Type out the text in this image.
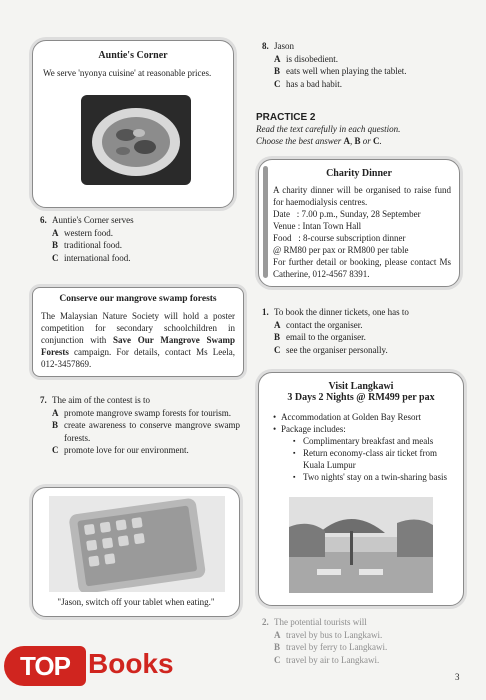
Auntie's Corner
We serve 'nyonya cuisine' at reasonable prices.
6. Auntie's Corner serves
A western food.
B traditional food.
C international food.
Conserve our mangrove swamp forests
The Malaysian Nature Society will hold a poster competition for secondary schoolchildren in conjunction with Save Our Mangrove Swamp Forests campaign. For details, contact Ms Leela, 012-3457869.
7. The aim of the contest is to
A promote mangrove swamp forests for tourism.
B create awareness to conserve mangrove swamp forests.
C promote love for our environment.
"Jason, switch off your tablet when eating."
8. Jason
A is disobedient.
B eats well when playing the tablet.
C has a bad habit.
PRACTICE 2
Read the text carefully in each question.
Choose the best answer A, B or C.
Charity Dinner
A charity dinner will be organised to raise fund for haemodialysis centres.
Date   : 7.00 p.m., Sunday, 28 September
Venue : Intan Town Hall
Food   : 8-course subscription dinner
@ RM80 per pax or RM800 per table
For further detail or booking, please contact Ms Catherine, 012-4567 8391.
1. To book the dinner tickets, one has to
A contact the organiser.
B email to the organiser.
C see the organiser personally.
Visit Langkawi
3 Days 2 Nights @ RM499 per pax
• Accommodation at Golden Bay Resort
• Package includes:
▪ Complimentary breakfast and meals
▪ Return economy-class air ticket from Kuala Lumpur
▪ Two nights' stay on a twin-sharing basis
2. The potential tourists will
A travel by bus to Langkawi.
B travel by ferry to Langkawi.
C travel by air to Langkawi.
TOP Books	3
